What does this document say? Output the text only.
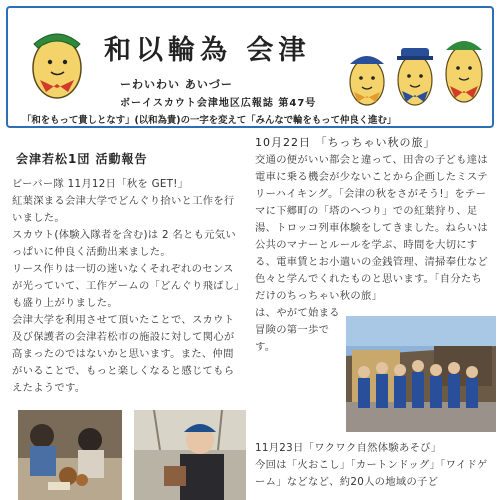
和以輪為 会津
ーわいわい あいづー
ボーイスカウト会津地区広報誌 第47号
「和をもって貴しとなす」(以和為貴)の一字を変えて「みんなで輪をもって仲良く進む」
会津若松1団 活動報告
ビーバー隊 11月12日「秋を GET!」
紅葉深まる会津大学でどんぐり拾いと工作を行いました。
スカウト(体験入隊者を含む)は 2 名とも元気いっぱいに仲良く活動出来ました。
リース作りは一切の迷いなくそれぞれのセンスが光っていて、工作ゲームの「どんぐり飛ばし」も盛り上がりました。
会津大学を利用させて頂いたことで、スカウト及び保護者の会津若松市の施設に対して関心が高まったのではないかと思います。また、仲間がいることで、もっと楽しくなると感じてもらえたようです。
10月22日 「ちっちゃい秋の旅」
交通の便がいい都会と違って、田舎の子ども達は電車に乗る機会が少ないことから企画したミステリーハイキング。「会津の秋をさがそう!」をテーマに下郷町の「塔のへつり」での紅葉狩り、足湯、トロッコ列車体験をしてきました。ねらいは公共のマナーとルールを学ぶ、時間を大切にする、電車賃とお小遣いの金銭管理、清掃奉仕など色々と学んでくれたものと思います。「自分たちだけのちっちゃい秋の旅」
は、やがて始まる冒険の第一歩です。
11月23日「ワクワク自然体験あそび」
今回は「火おこし」「カートンドッグ」「ワイドゲーム」などなど、約20人の地域の子ど
